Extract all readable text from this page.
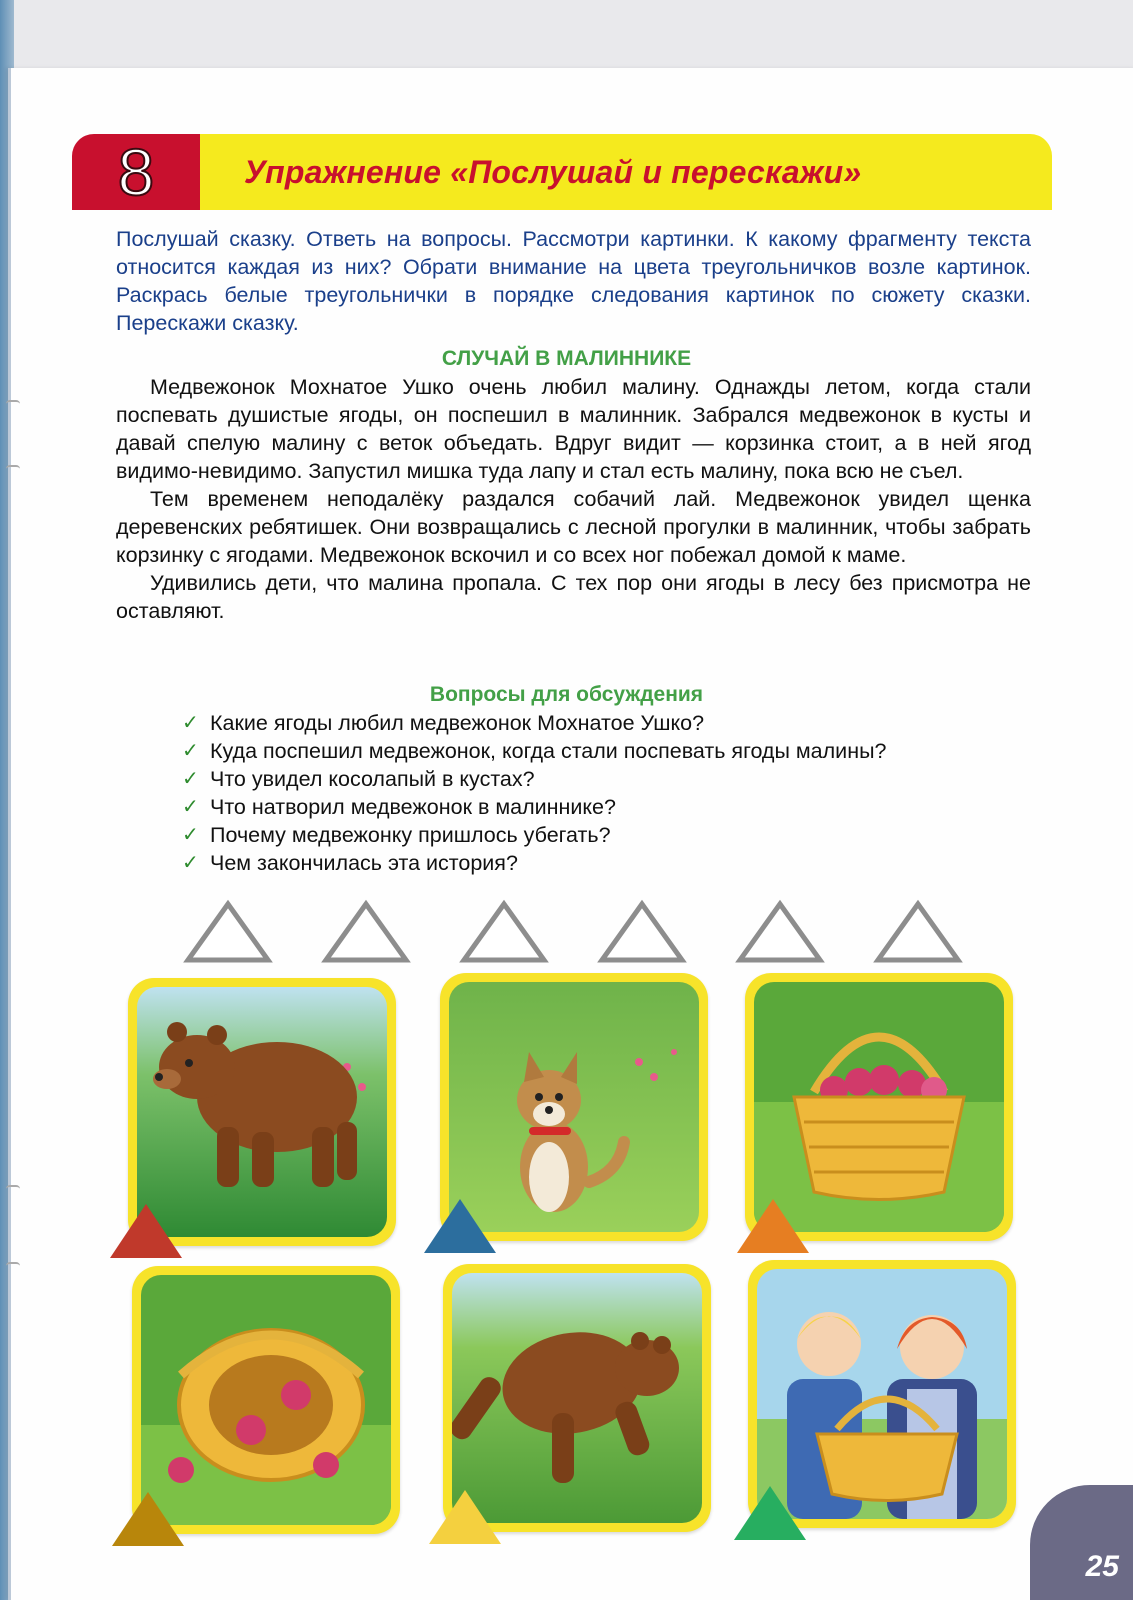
8	Упражнение «Послушай и перескажи»
Послушай сказку. Ответь на вопросы. Рассмотри картинки. К какому фрагменту текста относится каждая из них? Обрати внимание на цвета треугольничков возле картинок. Раскрась белые треугольнички в порядке следования картинок по сюжету сказки. Перескажи сказку.
СЛУЧАЙ В МАЛИННИКЕ

Медвежонок Мохнатое Ушко очень любил малину. Однажды летом, когда стали поспевать душистые ягоды, он поспешил в малинник. Забрался медвежонок в кусты и давай спелую малину с веток объедать. Вдруг видит — корзинка стоит, а в ней ягод видимо-невидимо. Запустил мишка туда лапу и стал есть малину, пока всю не съел.

Тем временем неподалёку раздался собачий лай. Медвежонок увидел щенка деревенских ребятишек. Они возвращались с лесной прогулки в малинник, чтобы забрать корзинку с ягодами. Медвежонок вскочил и со всех ног побежал домой к маме.

Удивились дети, что малина пропала. С тех пор они ягоды в лесу без присмотра не оставляют.

Вопросы для обсуждения
✓ Какие ягоды любил медвежонок Мохнатое Ушко?
✓ Куда поспешил медвежонок, когда стали поспевать ягоды малины?
✓ Что увидел косолапый в кустах?
✓ Что натворил медвежонок в малиннике?
✓ Почему медвежонку пришлось убегать?
✓ Чем закончилась эта история?
25
